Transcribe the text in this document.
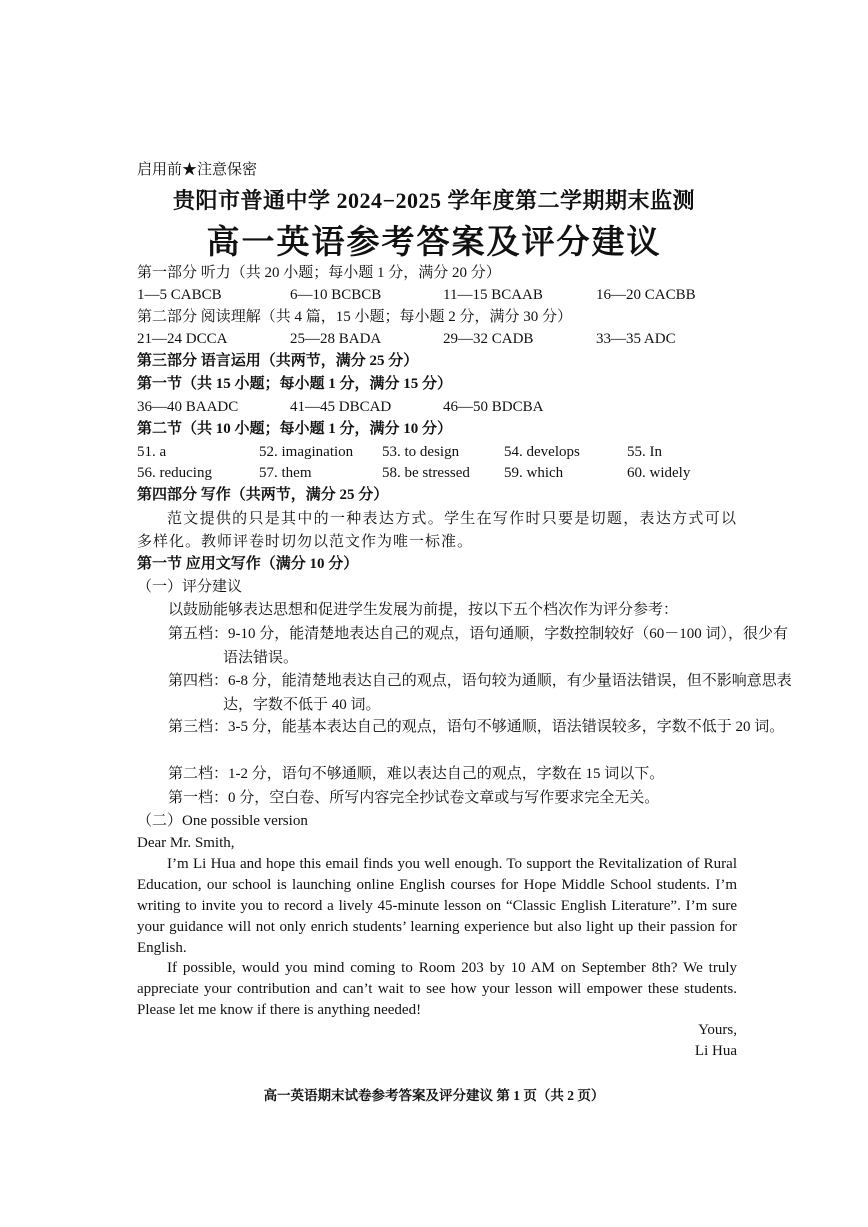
启用前★注意保密
贵阳市普通中学 2024−2025 学年度第二学期期末监测
高一英语参考答案及评分建议
第一部分 听力（共 20 小题；每小题 1 分，满分 20 分）
1—5 CABCB	6—10 BCBCB	11—15 BCAAB	16—20 CACBB
第二部分 阅读理解（共 4 篇，15 小题；每小题 2 分，满分 30 分）
21—24 DCCA	25—28 BADA	29—32 CADB	33—35 ADC
第三部分 语言运用（共两节，满分 25 分）
第一节（共 15 小题；每小题 1 分，满分 15 分）
36—40 BAADC	41—45 DBCAD	46—50 BDCBA
第二节（共 10 小题；每小题 1 分，满分 10 分）
51. a	52. imagination 53. to design	54. develops	55. In
56. reducing	57. them	58. be stressed 59. which	60. widely
第四部分 写作（共两节，满分 25 分）
范文提供的只是其中的一种表达方式。学生在写作时只要是切题，表达方式可以多样化。教师评卷时切勿以范文作为唯一标准。
第一节 应用文写作（满分 10 分）
（一）评分建议
以鼓励能够表达思想和促进学生发展为前提，按以下五个档次作为评分参考：
第五档：9-10 分，能清楚地表达自己的观点，语句通顺，字数控制较好（60－100 词），很少有语法错误。
第四档：6-8 分，能清楚地表达自己的观点，语句较为通顺，有少量语法错误，但不影响意思表达，字数不低于 40 词。
第三档：3-5 分，能基本表达自己的观点，语句不够通顺，语法错误较多，字数不低于 20 词。
第二档：1-2 分，语句不够通顺，难以表达自己的观点，字数在 15 词以下。
第一档：0 分，空白卷、所写内容完全抄试卷文章或与写作要求完全无关。
（二）One possible version
Dear Mr. Smith,
I’m Li Hua and hope this email finds you well enough. To support the Revitalization of Rural Education, our school is launching online English courses for Hope Middle School students. I’m writing to invite you to record a lively 45-minute lesson on “Classic English Literature”. I’m sure your guidance will not only enrich students’ learning experience but also light up their passion for English.
If possible, would you mind coming to Room 203 by 10 AM on September 8th? We truly appreciate your contribution and can’t wait to see how your lesson will empower these students. Please let me know if there is anything needed!
Yours,
Li Hua
高一英语期末试卷参考答案及评分建议 第 1 页（共 2 页）
